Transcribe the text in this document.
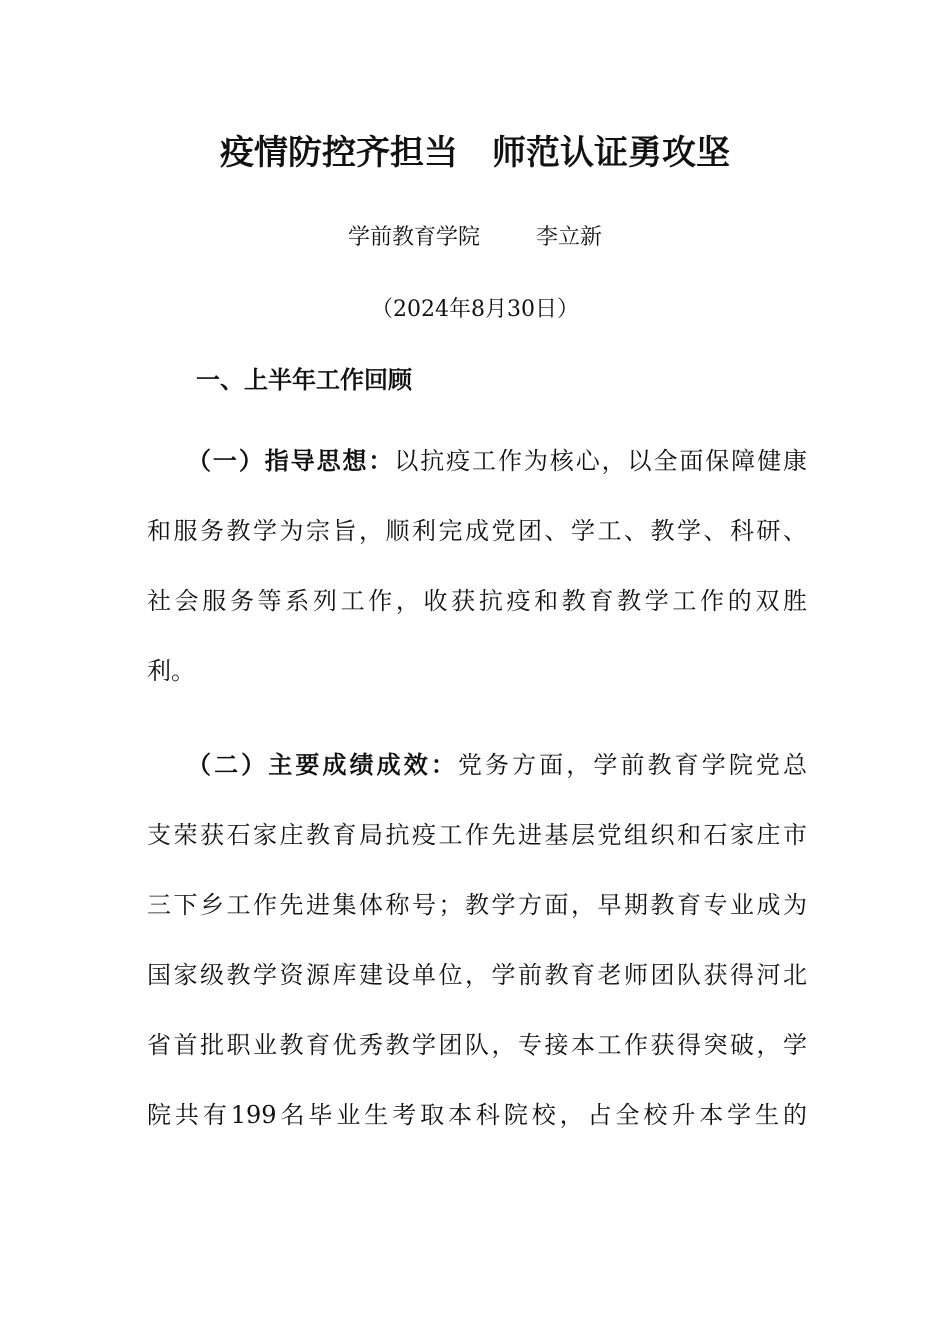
疫情防控齐担当　师范认证勇攻坚
学前教育学院	李立新
（2024年8月30日）
一、上半年工作回顾
（一）指导思想：以抗疫工作为核心，以全面保障健康
和服务教学为宗旨，顺利完成党团、学工、教学、科研、
社会服务等系列工作，收获抗疫和教育教学工作的双胜
利。
（二）主要成绩成效：党务方面，学前教育学院党总
支荣获石家庄教育局抗疫工作先进基层党组织和石家庄市
三下乡工作先进集体称号；教学方面，早期教育专业成为
国家级教学资源库建设单位，学前教育老师团队获得河北
省首批职业教育优秀教学团队，专接本工作获得突破，学
院共有199名毕业生考取本科院校，占全校升本学生的
